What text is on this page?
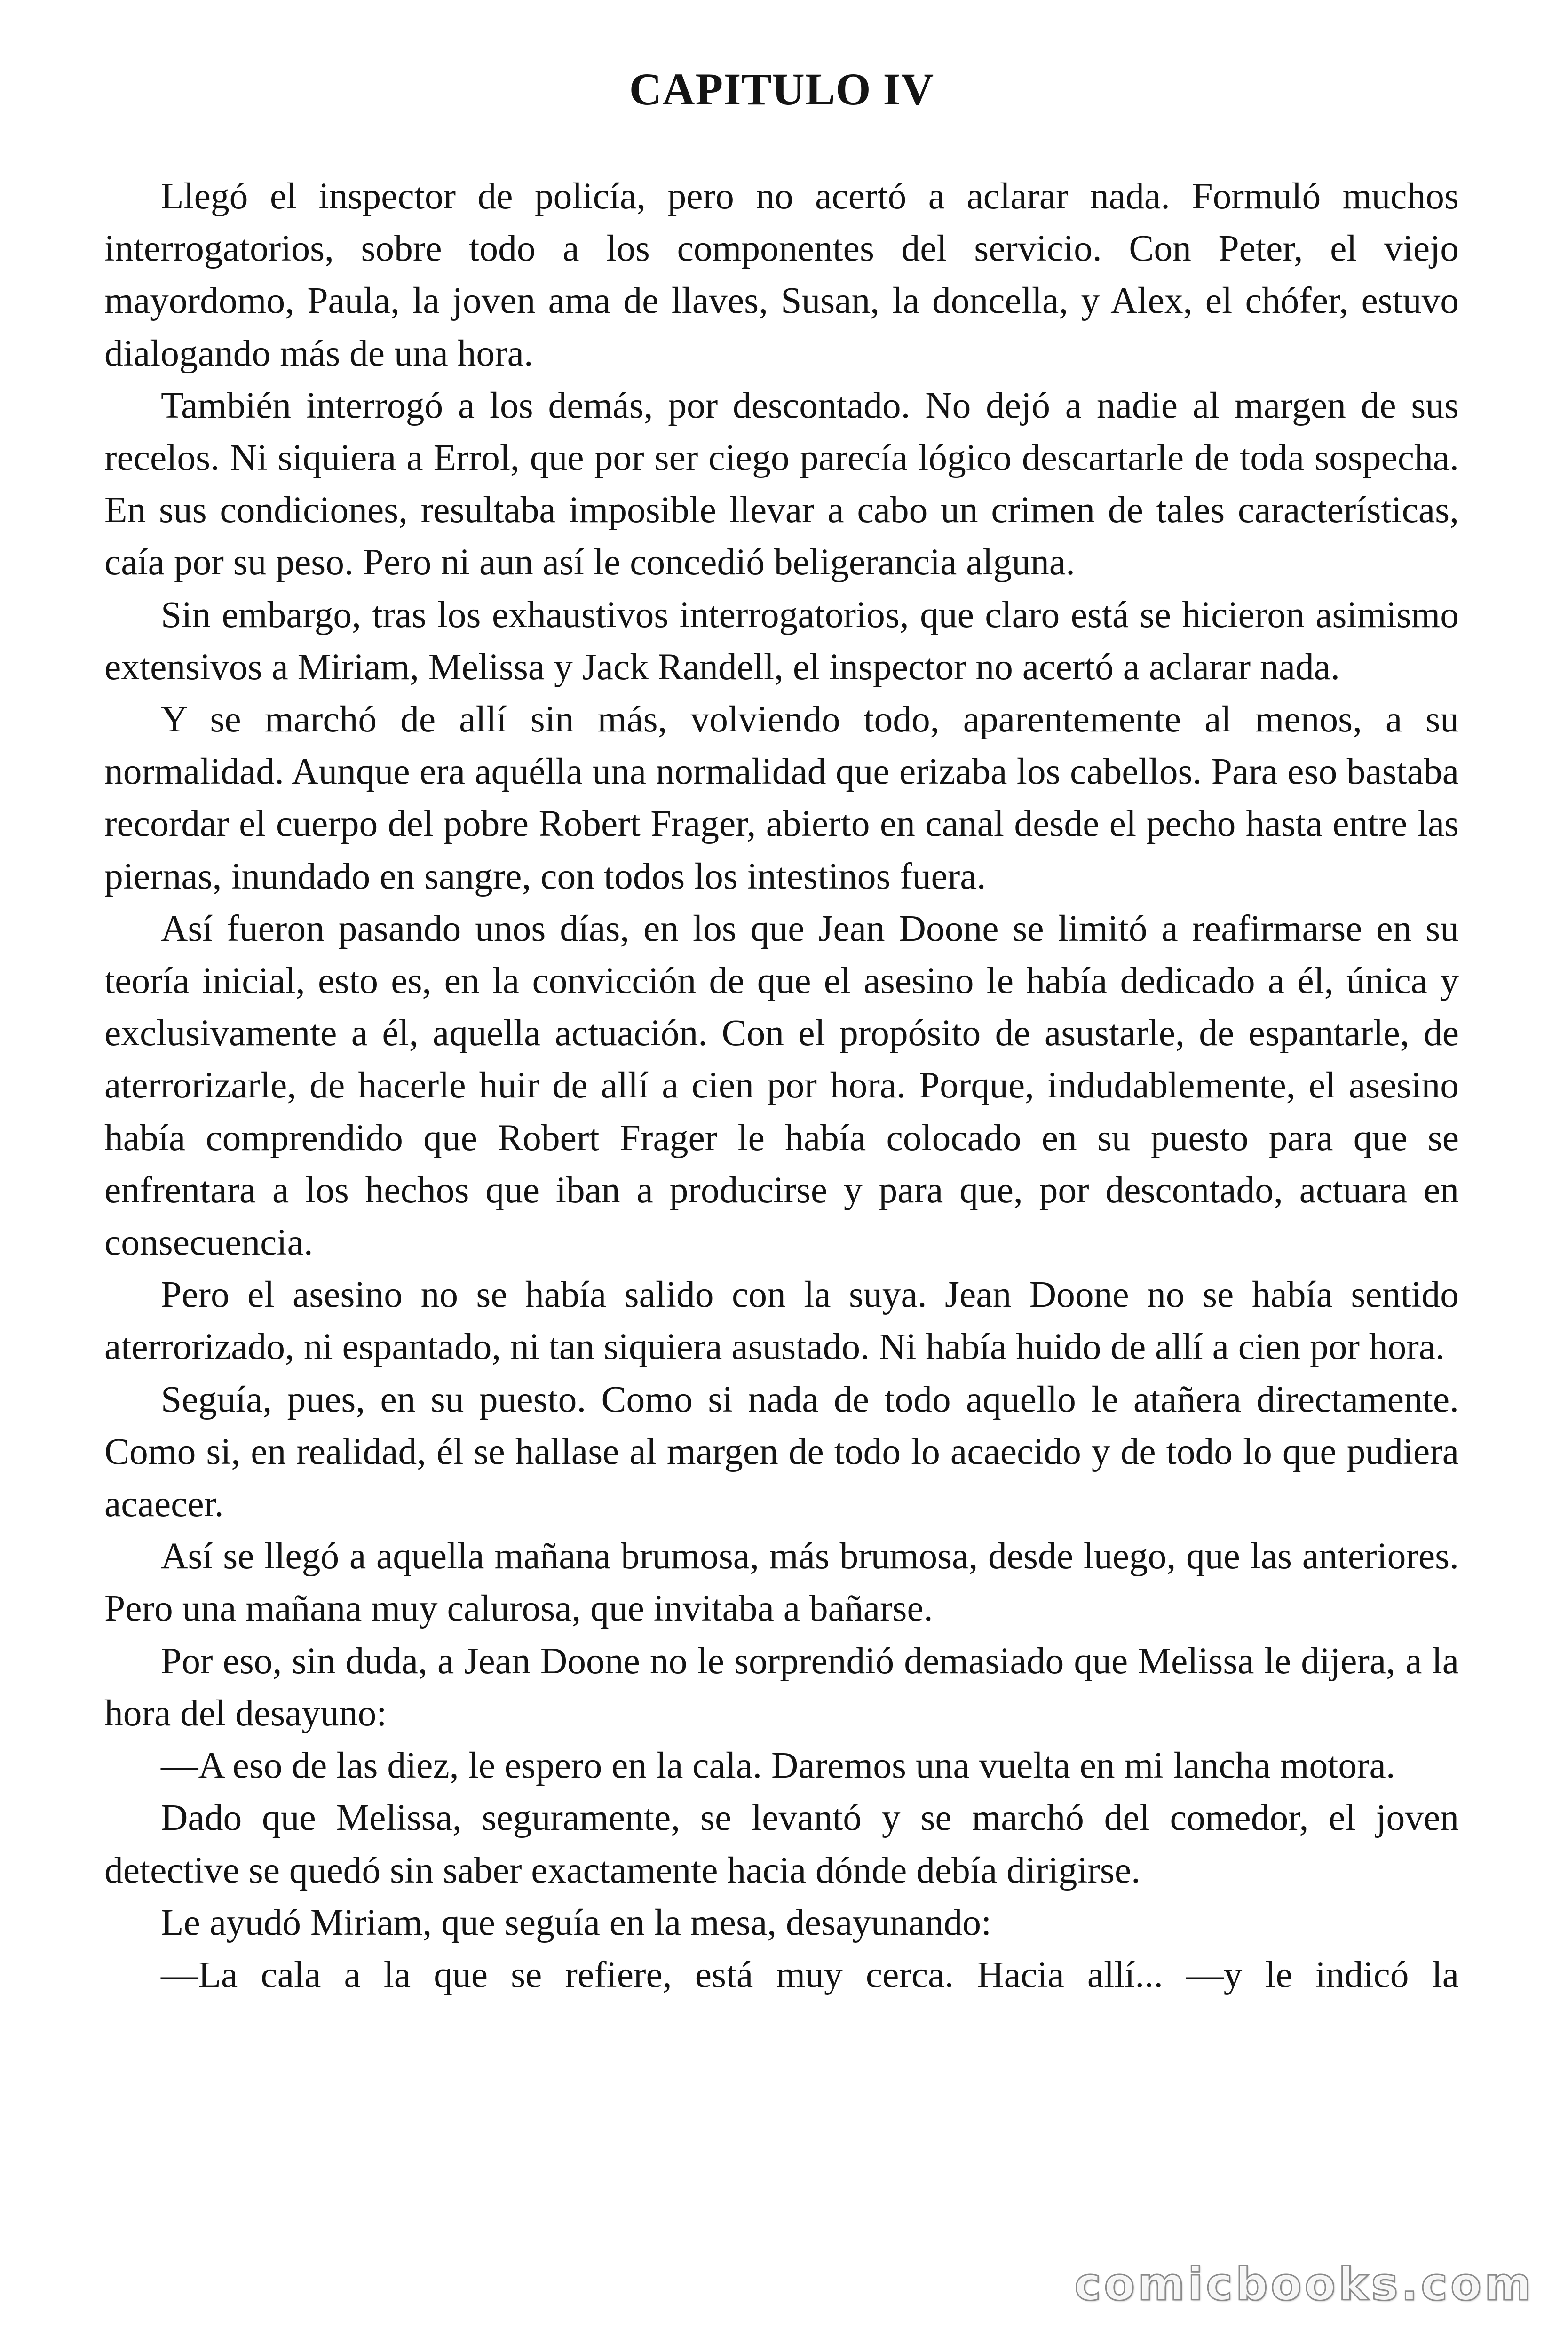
CAPITULO IV

Llegó el inspector de policía, pero no acertó a aclarar nada. Formuló muchos interrogatorios, sobre todo a los componentes del servicio. Con Peter, el viejo mayordomo, Paula, la joven ama de llaves, Susan, la doncella, y Alex, el chófer, estuvo dialogando más de una hora.

También interrogó a los demás, por descontado. No dejó a nadie al margen de sus recelos. Ni siquiera a Errol, que por ser ciego parecía lógico descartarle de toda sospecha. En sus condiciones, resultaba imposible llevar a cabo un crimen de tales características, caía por su peso. Pero ni aun así le concedió beligerancia alguna.

Sin embargo, tras los exhaustivos interrogatorios, que claro está se hicieron asimismo extensivos a Miriam, Melissa y Jack Randell, el inspector no acertó a aclarar nada.

Y se marchó de allí sin más, volviendo todo, aparentemente al menos, a su normalidad. Aunque era aquélla una normalidad que erizaba los cabellos. Para eso bastaba recordar el cuerpo del pobre Robert Frager, abierto en canal desde el pecho hasta entre las piernas, inundado en sangre, con todos los intestinos fuera.

Así fueron pasando unos días, en los que Jean Doone se limitó a reafirmarse en su teoría inicial, esto es, en la convicción de que el asesino le había dedicado a él, única y exclusivamente a él, aquella actuación. Con el propósito de asustarle, de espantarle, de aterrorizarle, de hacerle huir de allí a cien por hora. Porque, indudablemente, el asesino había comprendido que Robert Frager le había colocado en su puesto para que se enfrentara a los hechos que iban a producirse y para que, por descontado, actuara en consecuencia.

Pero el asesino no se había salido con la suya. Jean Doone no se había sentido aterrorizado, ni espantado, ni tan siquiera asustado. Ni había huido de allí a cien por hora.

Seguía, pues, en su puesto. Como si nada de todo aquello le atañera directamente. Como si, en realidad, él se hallase al margen de todo lo acaecido y de todo lo que pudiera acaecer.

Así se llegó a aquella mañana brumosa, más brumosa, desde luego, que las anteriores. Pero una mañana muy calurosa, que invitaba a bañarse.

Por eso, sin duda, a Jean Doone no le sorprendió demasiado que Melissa le dijera, a la hora del desayuno:

—A eso de las diez, le espero en la cala. Daremos una vuelta en mi lancha motora.

Dado que Melissa, seguramente, se levantó y se marchó del comedor, el joven detective se quedó sin saber exactamente hacia dónde debía dirigirse.

Le ayudó Miriam, que seguía en la mesa, desayunando:

—La cala a la que se refiere, está muy cerca. Hacia allí... —y le indicó la

comicbooks.com
